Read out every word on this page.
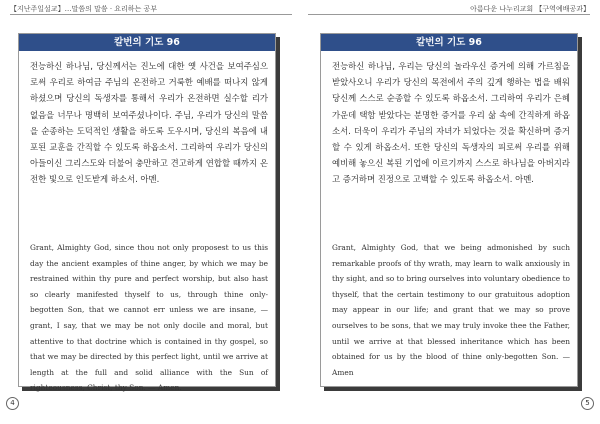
【지난주일설교】…말씀의 말씀 · 요리하는 공부
칼번의 기도 96
전능하신 하나님, 당신께서는 진노에 대한 옛 사건을 보여주심으로써 우리로 하여금 주님의 온전하고 거룩한 예배를 떠나지 않게 하셨으며 당신의 독생자를 통해서 우리가 온전하면 실수할 리가 없음을 너무나 명백히 보여주셨나이다. 주님, 우리가 당신의 말씀을 순종하는 도덕적인 생활을 하도록 도우시며, 당신의 복음에 내포된 교훈을 간직할 수 있도록 하옵소서. 그리하여 우리가 당신의 아들이신 그리스도와 더불어 충만하고 견고하게 연합할 때까지 온전한 빛으로 인도받게 하소서. 아멘.
Grant, Almighty God, since thou not only proposest to us this day the ancient examples of thine anger, by which we may be restrained within thy pure and perfect worship, but also hast so clearly manifested thyself to us, through thine only-begotten Son, that we cannot err unless we are insane, — grant, I say, that we may be not only docile and moral, but attentive to that doctrine which is contained in thy gospel, so that we may be directed by this perfect light, until we arrive at length at the full and solid alliance with the Sun of righteousness, Christ, thy Son. — Amen.
4
아름다운 나누리교회 【구역예배공과】
칼번의 기도 96
전능하신 하나님, 우리는 당신의 놀라우신 증거에 의해 가르침을 받았사오니 우리가 당신의 목전에서 주의 깊게 행하는 법을 배워 당신께 스스로 순종할 수 있도록 하옵소서. 그리하여 우리가 은혜 가운데 택함 받았다는 분명한 증거를 우리 삶 속에 간직하게 하옵소서. 더욱이 우리가 주님의 자녀가 되었다는 것을 확신하며 증거할 수 있게 하옵소서. 또한 당신의 독생자의 피로써 우리를 위해 예비해 놓으신 복된 기업에 이르기까지 스스로 하나님을 아버지라고 증거하며 진정으로 고백할 수 있도록 하옵소서. 아멘.
Grant, Almighty God, that we being admonished by such remarkable proofs of thy wrath, may learn to walk anxiously in thy sight, and so to bring ourselves into voluntary obedience to thyself, that the certain testimony to our gratuitous adoption may appear in our life; and grant that we may so prove ourselves to be sons, that we may truly invoke thee the Father, until we arrive at that blessed inheritance which has been obtained for us by the blood of thine only-begotten Son. — Amen
5
